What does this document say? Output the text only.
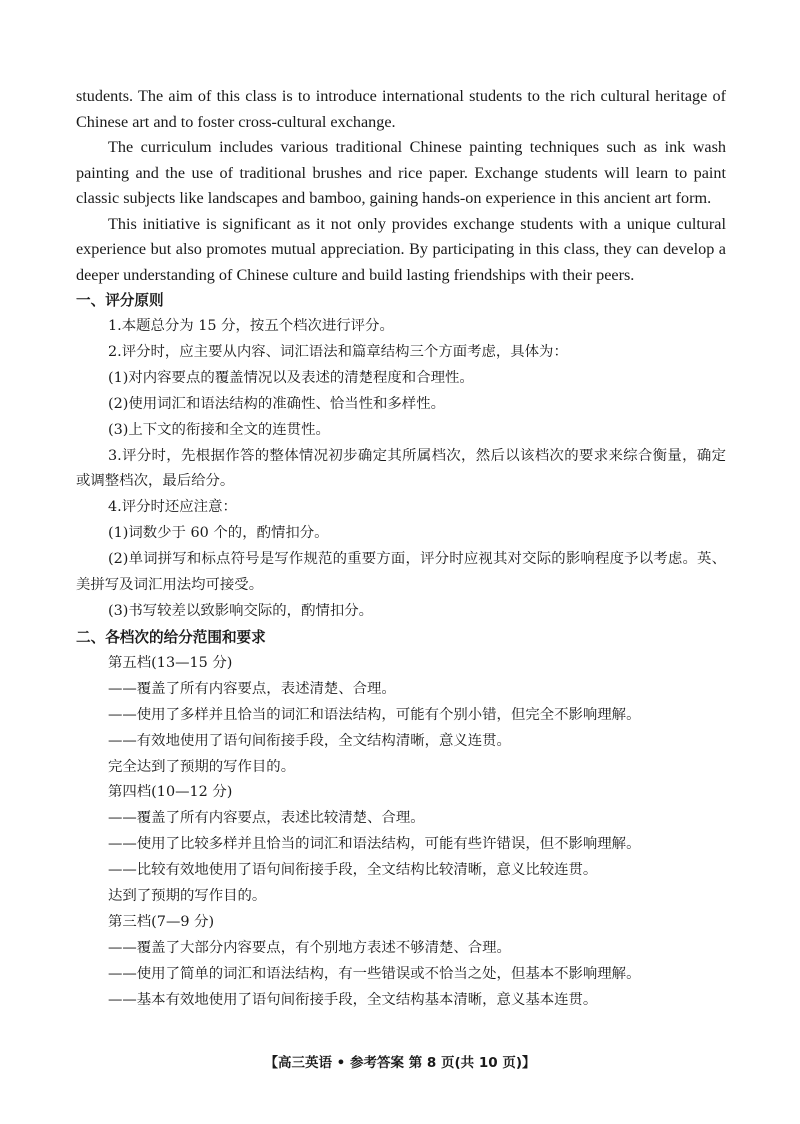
students. The aim of this class is to introduce international students to the rich cultural heritage of Chinese art and to foster cross-cultural exchange.

The curriculum includes various traditional Chinese painting techniques such as ink wash painting and the use of traditional brushes and rice paper. Exchange students will learn to paint classic subjects like landscapes and bamboo, gaining hands-on experience in this ancient art form.

This initiative is significant as it not only provides exchange students with a unique cultural experience but also promotes mutual appreciation. By participating in this class, they can develop a deeper understanding of Chinese culture and build lasting friendships with their peers.

一、评分原则

1.本题总分为 15 分，按五个档次进行评分。

2.评分时，应主要从内容、词汇语法和篇章结构三个方面考虑，具体为：

(1)对内容要点的覆盖情况以及表述的清楚程度和合理性。

(2)使用词汇和语法结构的准确性、恰当性和多样性。

(3)上下文的衔接和全文的连贯性。

3.评分时，先根据作答的整体情况初步确定其所属档次，然后以该档次的要求来综合衡量，确定或调整档次，最后给分。

4.评分时还应注意：

(1)词数少于 60 个的，酌情扣分。

(2)单词拼写和标点符号是写作规范的重要方面，评分时应视其对交际的影响程度予以考虑。英、美拼写及词汇用法均可接受。

(3)书写较差以致影响交际的，酌情扣分。

二、各档次的给分范围和要求

第五档(13—15 分)

——覆盖了所有内容要点，表述清楚、合理。

——使用了多样并且恰当的词汇和语法结构，可能有个别小错，但完全不影响理解。

——有效地使用了语句间衔接手段，全文结构清晰，意义连贯。

完全达到了预期的写作目的。

第四档(10—12 分)

——覆盖了所有内容要点，表述比较清楚、合理。

——使用了比较多样并且恰当的词汇和语法结构，可能有些许错误，但不影响理解。

——比较有效地使用了语句间衔接手段，全文结构比较清晰，意义比较连贯。

达到了预期的写作目的。

第三档(7—9 分)

——覆盖了大部分内容要点，有个别地方表述不够清楚、合理。

——使用了简单的词汇和语法结构，有一些错误或不恰当之处，但基本不影响理解。

——基本有效地使用了语句间衔接手段，全文结构基本清晰，意义基本连贯。

【高三英语 • 参考答案 第 8 页(共 10 页)】
